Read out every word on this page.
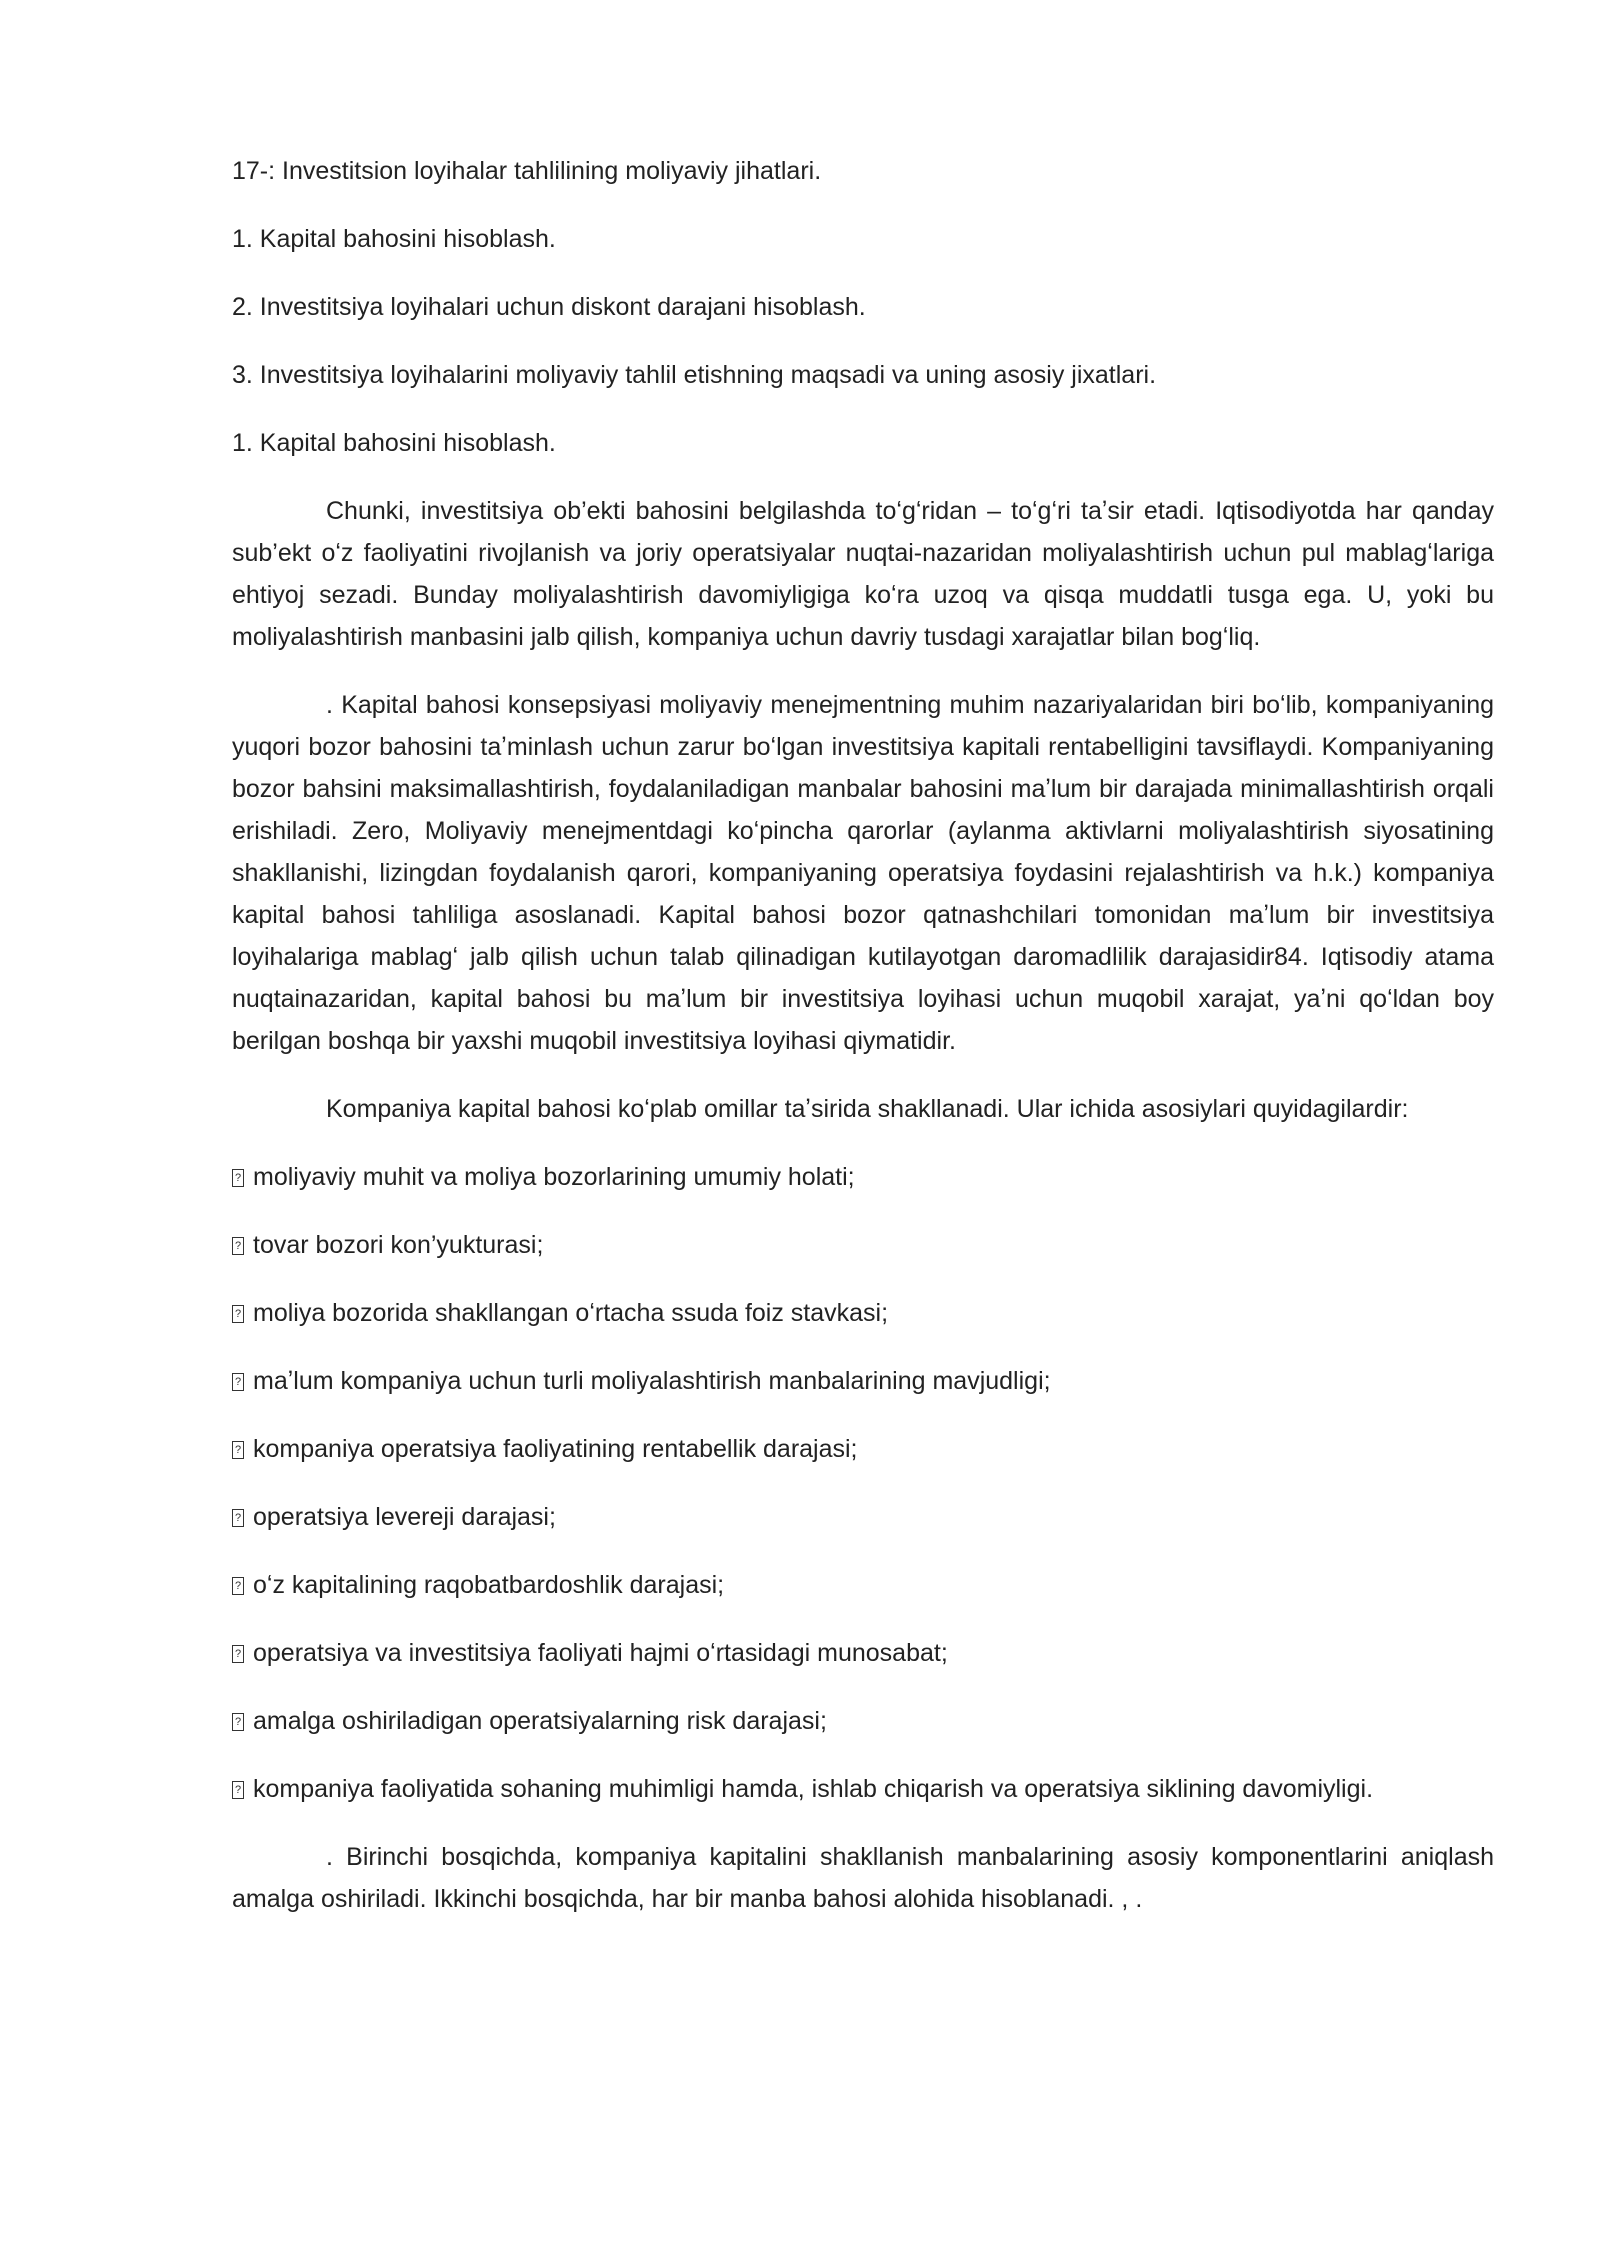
17-: Investitsion loyihalar tahlilining moliyaviy jihatlari.
1. Kapital bahosini hisoblash.
2. Investitsiya loyihalari uchun diskont darajani hisoblash.
3. Investitsiya loyihalarini moliyaviy tahlil etishning maqsadi va uning asosiy jixatlari.
1. Kapital bahosini hisoblash.

Chunki, investitsiya ob’ekti bahosini belgilashda toʻgʻridan – toʻgʻri taʼsir etadi. Iqtisodiyotda har qanday sub’ekt oʻz faoliyatini rivojlanish va joriy operatsiyalar nuqtai-nazaridan moliyalashtirish uchun pul mablagʻlariga ehtiyoj sezadi. Bunday moliyalashtirish davomiyligiga koʻra uzoq va qisqa muddatli tusga ega. U, yoki bu moliyalashtirish manbasini jalb qilish, kompaniya uchun davriy tusdagi xarajatlar bilan bogʻliq.

. Kapital bahosi konsepsiyasi moliyaviy menejmentning muhim nazariyalaridan biri boʻlib, kompaniyaning yuqori bozor bahosini taʼminlash uchun zarur boʻlgan investitsiya kapitali rentabelligini tavsiflaydi. Kompaniyaning bozor bahsini maksimallashtirish, foydalaniladigan manbalar bahosini maʼlum bir darajada minimallashtirish orqali erishiladi. Zero, Moliyaviy menejmentdagi koʻpincha qarorlar (aylanma aktivlarni moliyalashtirish siyosatining shakllanishi, lizingdan foydalanish qarori, kompaniyaning operatsiya foydasini rejalashtirish va h.k.) kompaniya kapital bahosi tahliliga asoslanadi. Kapital bahosi bozor qatnashchilari tomonidan maʼlum bir investitsiya loyihalariga mablagʻ jalb qilish uchun talab qilinadigan kutilayotgan daromadlilik darajasidir84. Iqtisodiy atama nuqtainazaridan, kapital bahosi bu maʼlum bir investitsiya loyihasi uchun muqobil xarajat, yaʼni qoʻldan boy berilgan boshqa bir yaxshi muqobil investitsiya loyihasi qiymatidir.

Kompaniya kapital bahosi koʻplab omillar taʼsirida shakllanadi. Ular ichida asosiylari quyidagilardir:

?moliyaviy muhit va moliya bozorlarining umumiy holati;
?tovar bozori kon’yukturasi;
?moliya bozorida shakllangan oʻrtacha ssuda foiz stavkasi;
?maʼlum kompaniya uchun turli moliyalashtirish manbalarining mavjudligi;
?kompaniya operatsiya faoliyatining rentabellik darajasi;
?operatsiya levereji darajasi;
?oʻz kapitalining raqobatbardoshlik darajasi;
?operatsiya va investitsiya faoliyati hajmi oʻrtasidagi munosabat;
?amalga oshiriladigan operatsiyalarning risk darajasi;
?kompaniya faoliyatida sohaning muhimligi hamda, ishlab chiqarish va operatsiya siklining davomiyligi.

. Birinchi bosqichda, kompaniya kapitalini shakllanish manbalarining asosiy komponentlarini aniqlash amalga oshiriladi. Ikkinchi bosqichda, har bir manba bahosi alohida hisoblanadi. , .
